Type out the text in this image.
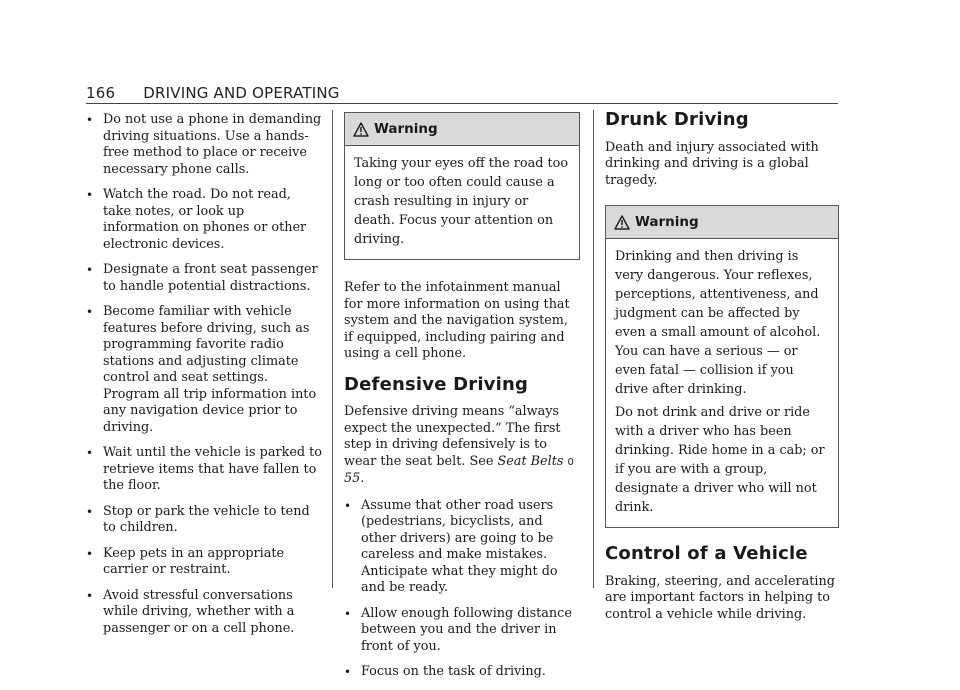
166 DRIVING AND OPERATING
• Do not use a phone in demanding driving situations. Use a hands-free method to place or receive necessary phone calls.
• Watch the road. Do not read, take notes, or look up information on phones or other electronic devices.
• Designate a front seat passenger to handle potential distractions.
• Become familiar with vehicle features before driving, such as programming favorite radio stations and adjusting climate control and seat settings. Program all trip information into any navigation device prior to driving.
• Wait until the vehicle is parked to retrieve items that have fallen to the floor.
• Stop or park the vehicle to tend to children.
• Keep pets in an appropriate carrier or restraint.
• Avoid stressful conversations while driving, whether with a passenger or on a cell phone.
Warning

Taking your eyes off the road too long or too often could cause a crash resulting in injury or death. Focus your attention on driving.

Refer to the infotainment manual for more information on using that system and the navigation system, if equipped, including pairing and using a cell phone.

Defensive Driving

Defensive driving means “always expect the unexpected.” The first step in driving defensively is to wear the seat belt. See Seat Belts 0 55.

• Assume that other road users (pedestrians, bicyclists, and other drivers) are going to be careless and make mistakes. Anticipate what they might do and be ready.
• Allow enough following distance between you and the driver in front of you.
• Focus on the task of driving.
Drunk Driving

Death and injury associated with drinking and driving is a global tragedy.

Warning

Drinking and then driving is very dangerous. Your reflexes, perceptions, attentiveness, and judgment can be affected by even a small amount of alcohol. You can have a serious — or even fatal — collision if you drive after drinking.

Do not drink and drive or ride with a driver who has been drinking. Ride home in a cab; or if you are with a group, designate a driver who will not drink.

Control of a Vehicle

Braking, steering, and accelerating are important factors in helping to control a vehicle while driving.
